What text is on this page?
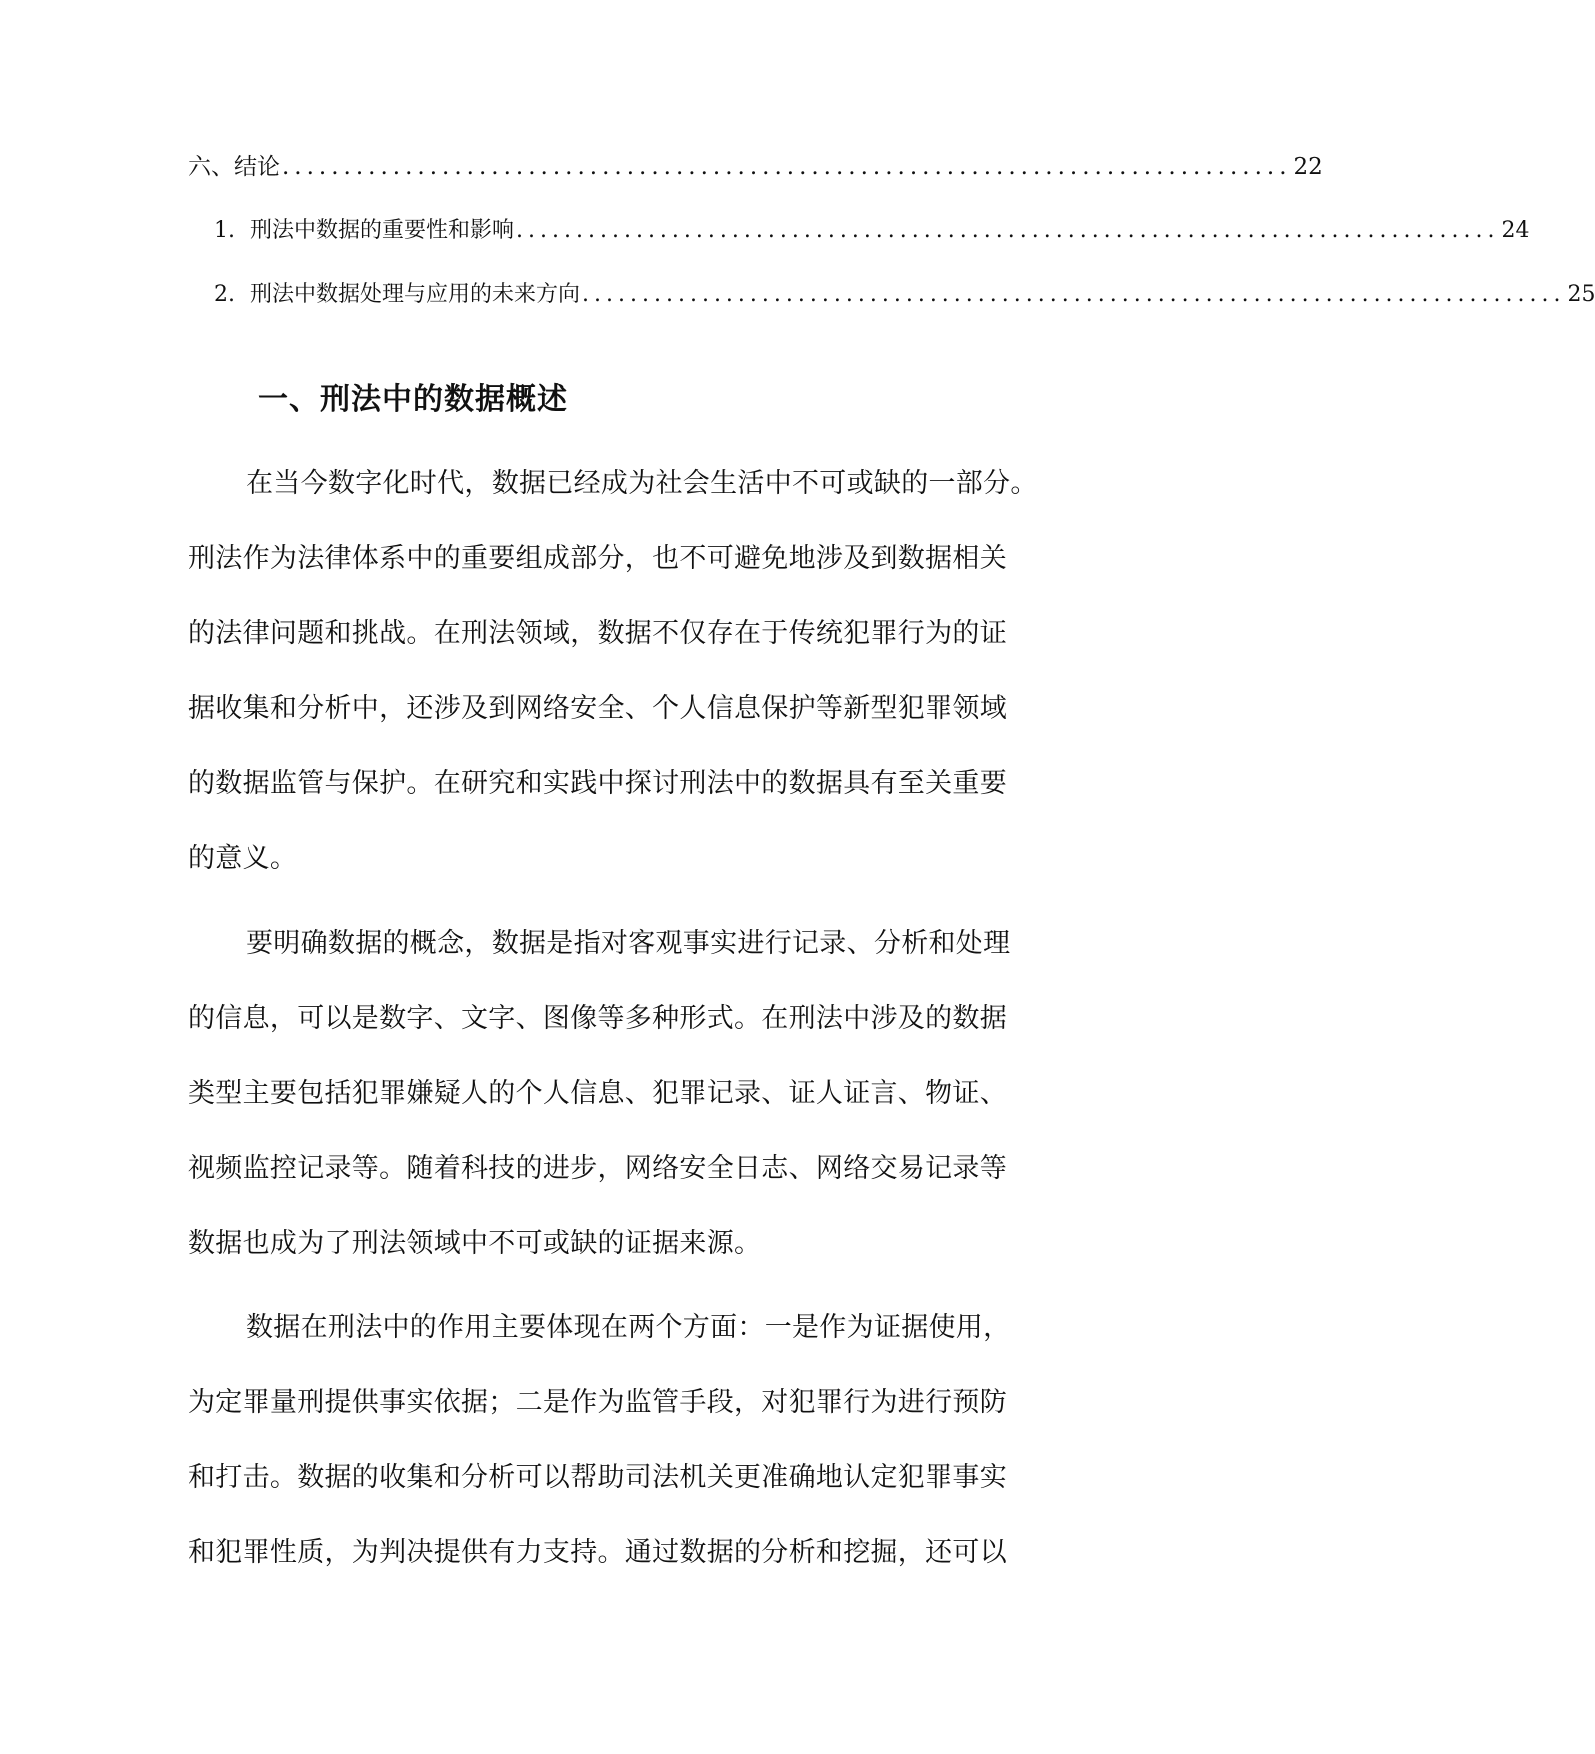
六、结论 .................................................................................. 22
1. 刑法中数据的重要性和影响 .................................................................................. 24
2. 刑法中数据处理与应用的未来方向 .................................................................................. 25
一、刑法中的数据概述
在当今数字化时代，数据已经成为社会生活中不可或缺的一部分。
刑法作为法律体系中的重要组成部分，也不可避免地涉及到数据相关
的法律问题和挑战。在刑法领域，数据不仅存在于传统犯罪行为的证
据收集和分析中，还涉及到网络安全、个人信息保护等新型犯罪领域
的数据监管与保护。在研究和实践中探讨刑法中的数据具有至关重要
的意义。
要明确数据的概念，数据是指对客观事实进行记录、分析和处理
的信息，可以是数字、文字、图像等多种形式。在刑法中涉及的数据
类型主要包括犯罪嫌疑人的个人信息、犯罪记录、证人证言、物证、
视频监控记录等。随着科技的进步，网络安全日志、网络交易记录等
数据也成为了刑法领域中不可或缺的证据来源。
数据在刑法中的作用主要体现在两个方面：一是作为证据使用，
为定罪量刑提供事实依据；二是作为监管手段，对犯罪行为进行预防
和打击。数据的收集和分析可以帮助司法机关更准确地认定犯罪事实
和犯罪性质，为判决提供有力支持。通过数据的分析和挖掘，还可以
